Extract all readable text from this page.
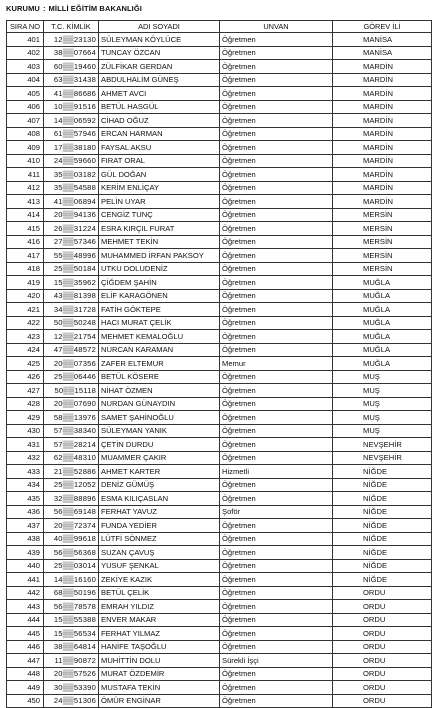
KURUMU : MİLLİ EĞİTİM BAKANLIĞI
SIRA NO	T.C. KİMLİK	ADI SOYADI	UNVAN	GÖREV İLİ
401	12▒▒23130	SÜLEYMAN KÖYLÜCE	Öğretmen	MANİSA
402	38▒▒07664	TUNCAY ÖZCAN	Öğretmen	MANİSA
403	60▒▒19460	ZÜLFİKAR GERDAN	Öğretmen	MARDİN
404	63▒▒31438	ABDULHALİM GÜNEŞ	Öğretmen	MARDİN
405	41▒▒86686	AHMET AVCI	Öğretmen	MARDİN
406	10▒▒91516	BETÜL HASGÜL	Öğretmen	MARDİN
407	14▒▒06592	CİHAD OĞUZ	Öğretmen	MARDİN
408	61▒▒57946	ERCAN HARMAN	Öğretmen	MARDİN
409	17▒▒38180	FAYSAL AKSU	Öğretmen	MARDİN
410	24▒▒59660	FIRAT ORAL	Öğretmen	MARDİN
411	35▒▒03182	GÜL DOĞAN	Öğretmen	MARDİN
412	35▒▒54588	KERİM ENLİÇAY	Öğretmen	MARDİN
413	41▒▒06894	PELİN UYAR	Öğretmen	MARDİN
414	20▒▒94136	CENGİZ TUNÇ	Öğretmen	MERSİN
415	26▒▒31224	ESRA KIRÇIL FURAT	Öğretmen	MERSİN
416	27▒▒57346	MEHMET TEKİN	Öğretmen	MERSİN
417	55▒▒48996	MUHAMMED İRFAN PAKSOY	Öğretmen	MERSİN
418	25▒▒50184	UTKU DOLUDENİZ	Öğretmen	MERSİN
419	15▒▒35962	ÇİĞDEM ŞAHİN	Öğretmen	MUĞLA
420	43▒▒81398	ELİF KARAGÖNEN	Öğretmen	MUĞLA
421	34▒▒31728	FATİH GÖKTEPE	Öğretmen	MUĞLA
422	50▒▒50248	HACI MURAT ÇELİK	Öğretmen	MUĞLA
423	12▒▒21754	MEHMET KEMALOĞLU	Öğretmen	MUĞLA
424	47▒▒48572	NURCAN KARAMAN	Öğretmen	MUĞLA
425	20▒▒07356	ZAFER ELTEMUR	Memur	MUĞLA
426	25▒▒06446	BETÜL KÖSERE	Öğretmen	MUŞ
427	50▒▒15118	NİHAT ÖZMEN	Öğretmen	MUŞ
428	20▒▒07690	NURDAN GÜNAYDIN	Öğretmen	MUŞ
429	58▒▒13976	SAMET ŞAHİNOĞLU	Öğretmen	MUŞ
430	57▒▒38340	SÜLEYMAN YANIK	Öğretmen	MUŞ
431	57▒▒28214	ÇETİN DURDU	Öğretmen	NEVŞEHİR
432	62▒▒48310	MUAMMER ÇAKIR	Öğretmen	NEVŞEHİR
433	21▒▒52886	AHMET KARTER	Hizmetli	NİĞDE
434	25▒▒12052	DENİZ GÜMÜŞ	Öğretmen	NİĞDE
435	32▒▒88896	ESMA KILIÇASLAN	Öğretmen	NİĞDE
436	56▒▒69148	FERHAT YAVUZ	Şoför	NİĞDE
437	20▒▒72374	FUNDA YEDİER	Öğretmen	NİĞDE
438	40▒▒99618	LÜTFİ SÖNMEZ	Öğretmen	NİĞDE
439	56▒▒56368	SUZAN ÇAVUŞ	Öğretmen	NİĞDE
440	25▒▒03014	YUSUF ŞENKAL	Öğretmen	NİĞDE
441	14▒▒16160	ZEKİYE KAZIK	Öğretmen	NİĞDE
442	68▒▒50196	BETÜL ÇELİK	Öğretmen	ORDU
443	56▒▒78578	EMRAH YILDIZ	Öğretmen	ORDU
444	15▒▒55388	ENVER MAKAR	Öğretmen	ORDU
445	15▒▒56534	FERHAT YILMAZ	Öğretmen	ORDU
446	38▒▒64814	HANİFE TAŞOĞLU	Öğretmen	ORDU
447	11▒▒90872	MUHİTTİN DOLU	Sürekli İşçi	ORDU
448	20▒▒57526	MURAT ÖZDEMİR	Öğretmen	ORDU
449	30▒▒53390	MUSTAFA TEKİN	Öğretmen	ORDU
450	24▒▒51306	ÖMÜR ENGİNAR	Öğretmen	ORDU
